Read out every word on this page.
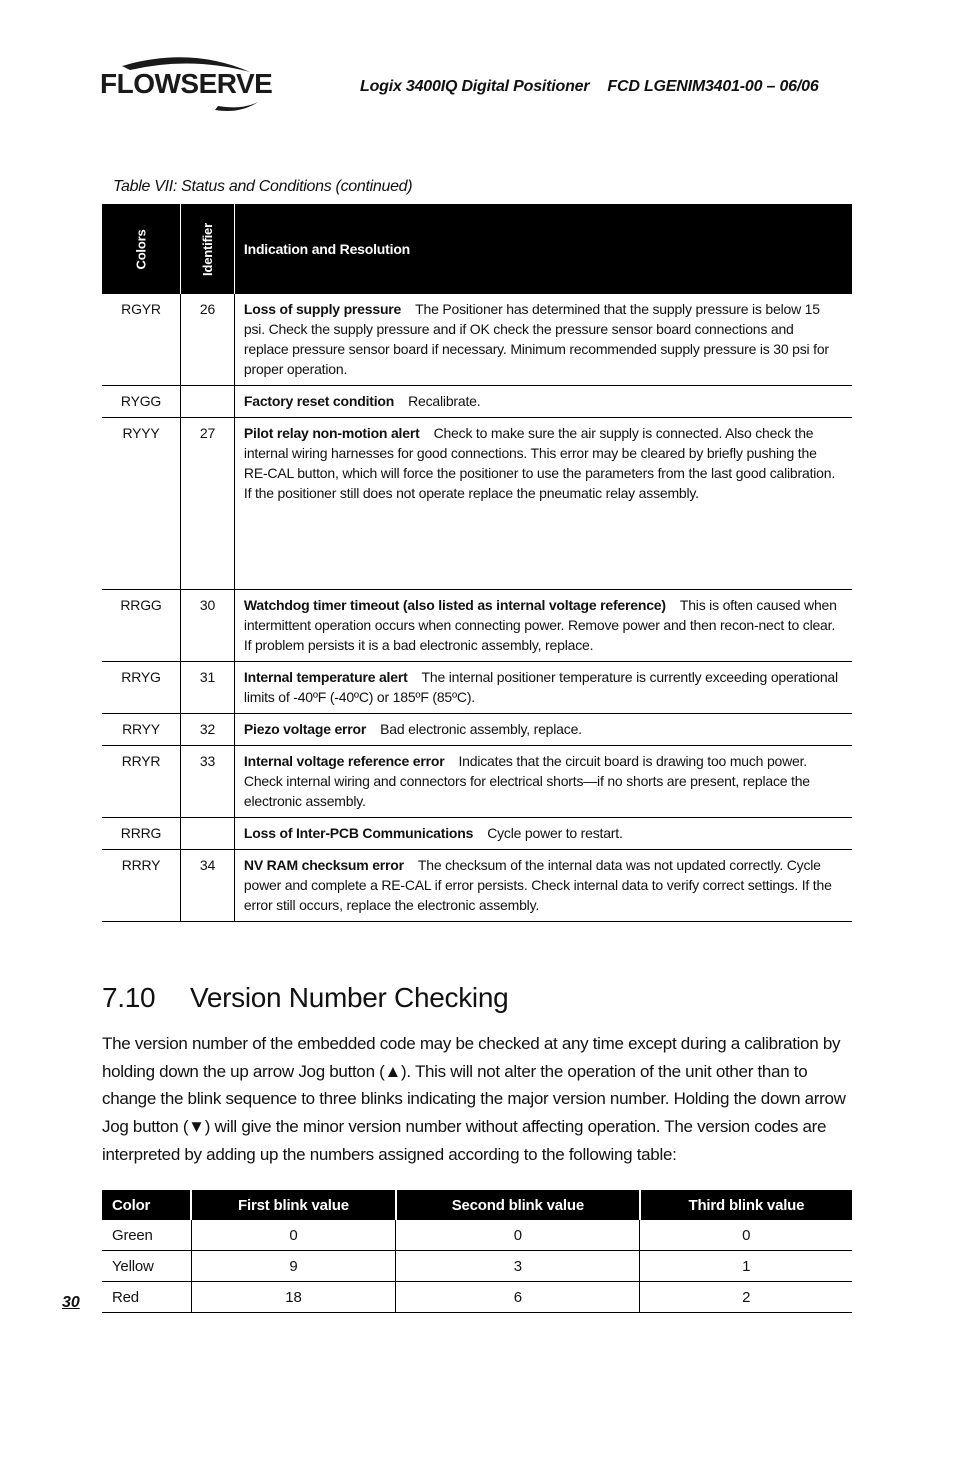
FLOWSERVE	Logix 3400IQ Digital Positioner FCD LGENIM3401-00 – 06/06
Table VII: Status and Conditions (continued)
Colors	Identifier	Indication and Resolution
RGYR	26	Loss of supply pressure The Positioner has determined that the supply pressure is below 15 psi. Check the supply pressure and if OK check the pressure sensor board connections and replace pressure sensor board if necessary. Minimum recommended supply pressure is 30 psi for proper operation.
RYGG		Factory reset condition Recalibrate.
RYYY	27	Pilot relay non-motion alert Check to make sure the air supply is connected. Also check the internal wiring harnesses for good connections. This error may be cleared by briefly pushing the RE-CAL button, which will force the positioner to use the parameters from the last good calibration. If the positioner still does not operate replace the pneumatic relay assembly.
RRGG	30	Watchdog timer timeout (also listed as internal voltage reference) This is often caused when intermittent operation occurs when connecting power. Remove power and then recon-nect to clear. If problem persists it is a bad electronic assembly, replace.
RRYG	31	Internal temperature alert The internal positioner temperature is currently exceeding operational limits of -40ºF (-40ºC) or 185ºF (85ºC).
RRYY	32	Piezo voltage error Bad electronic assembly, replace.
RRYR	33	Internal voltage reference error Indicates that the circuit board is drawing too much power. Check internal wiring and connectors for electrical shorts—if no shorts are present, replace the electronic assembly.
RRRG		Loss of Inter-PCB Communications Cycle power to restart.
RRRY	34	NV RAM checksum error The checksum of the internal data was not updated correctly. Cycle power and complete a RE-CAL if error persists. Check internal data to verify correct settings. If the error still occurs, replace the electronic assembly.
7.10 Version Number Checking
The version number of the embedded code may be checked at any time except during a calibration by holding down the up arrow Jog button (▲). This will not alter the operation of the unit other than to change the blink sequence to three blinks indicating the major version number. Holding the down arrow Jog button (▼) will give the minor version number without affecting operation. The version codes are interpreted by adding up the numbers assigned according to the following table:
Color	First blink value	Second blink value	Third blink value
Green	0	0	0
Yellow	9	3	1
Red	18	6	2
30
